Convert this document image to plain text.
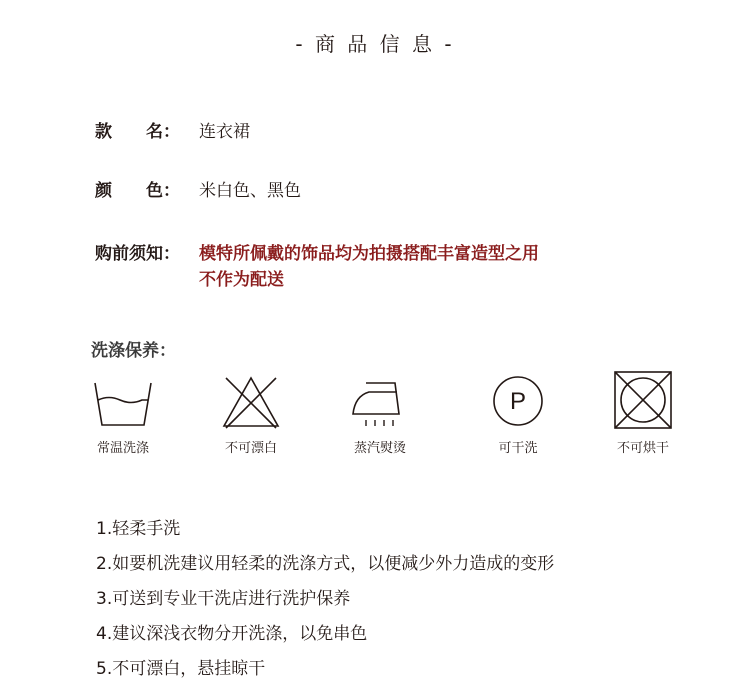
- 商 品 信 息 -
款　　名： 连衣裙
颜　　色： 米白色、黑色
购前须知： 模特所佩戴的饰品均为拍摄搭配丰富造型之用
不作为配送
洗涤保养：
常温洗涤	不可漂白	蒸汽熨烫
P
可干洗	不可烘干
1.轻柔手洗
2.如要机洗建议用轻柔的洗涤方式，以便减少外力造成的变形
3.可送到专业干洗店进行洗护保养
4.建议深浅衣物分开洗涤，以免串色
5.不可漂白，悬挂晾干
